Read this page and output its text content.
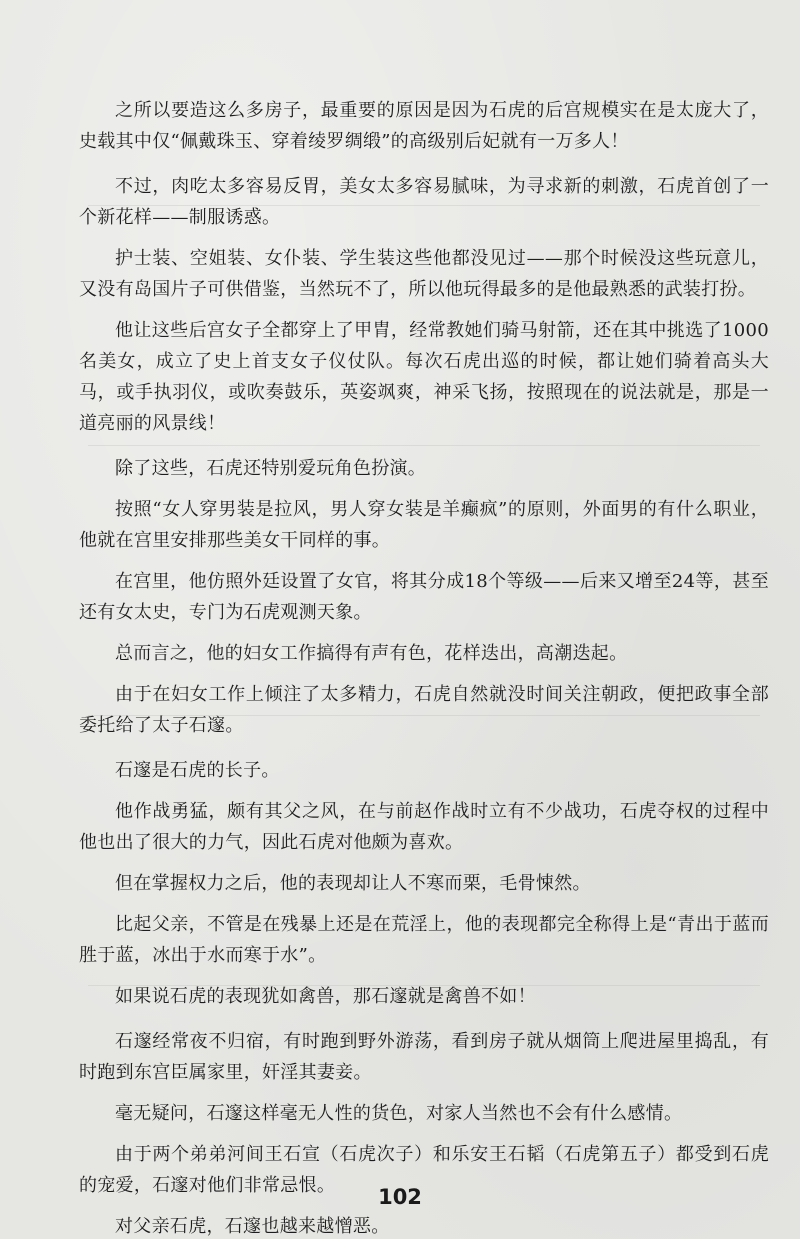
之所以要造这么多房子，最重要的原因是因为石虎的后宫规模实在是太庞大了，史载其中仅“佩戴珠玉、穿着绫罗绸缎”的高级别后妃就有一万多人！

不过，肉吃太多容易反胃，美女太多容易腻味，为寻求新的刺激，石虎首创了一个新花样——制服诱惑。

护士装、空姐装、女仆装、学生装这些他都没见过——那个时候没这些玩意儿，又没有岛国片子可供借鉴，当然玩不了，所以他玩得最多的是他最熟悉的武装打扮。

他让这些后宫女子全都穿上了甲胄，经常教她们骑马射箭，还在其中挑选了1000名美女，成立了史上首支女子仪仗队。每次石虎出巡的时候，都让她们骑着高头大马，或手执羽仪，或吹奏鼓乐，英姿飒爽，神采飞扬，按照现在的说法就是，那是一道亮丽的风景线！

除了这些，石虎还特别爱玩角色扮演。

按照“女人穿男装是拉风，男人穿女装是羊癫疯”的原则，外面男的有什么职业，他就在宫里安排那些美女干同样的事。

在宫里，他仿照外廷设置了女官，将其分成18个等级——后来又增至24等，甚至还有女太史，专门为石虎观测天象。

总而言之，他的妇女工作搞得有声有色，花样迭出，高潮迭起。

由于在妇女工作上倾注了太多精力，石虎自然就没时间关注朝政，便把政事全部委托给了太子石邃。

石邃是石虎的长子。

他作战勇猛，颇有其父之风，在与前赵作战时立有不少战功，石虎夺权的过程中他也出了很大的力气，因此石虎对他颇为喜欢。

但在掌握权力之后，他的表现却让人不寒而栗，毛骨悚然。

比起父亲，不管是在残暴上还是在荒淫上，他的表现都完全称得上是“青出于蓝而胜于蓝，冰出于水而寒于水”。

如果说石虎的表现犹如禽兽，那石邃就是禽兽不如！

石邃经常夜不归宿，有时跑到野外游荡，看到房子就从烟筒上爬进屋里捣乱，有时跑到东宫臣属家里，奸淫其妻妾。

毫无疑问，石邃这样毫无人性的货色，对家人当然也不会有什么感情。

由于两个弟弟河间王石宣（石虎次子）和乐安王石韬（石虎第五子）都受到石虎的宠爱，石邃对他们非常忌恨。

对父亲石虎，石邃也越来越憎恶。

102
